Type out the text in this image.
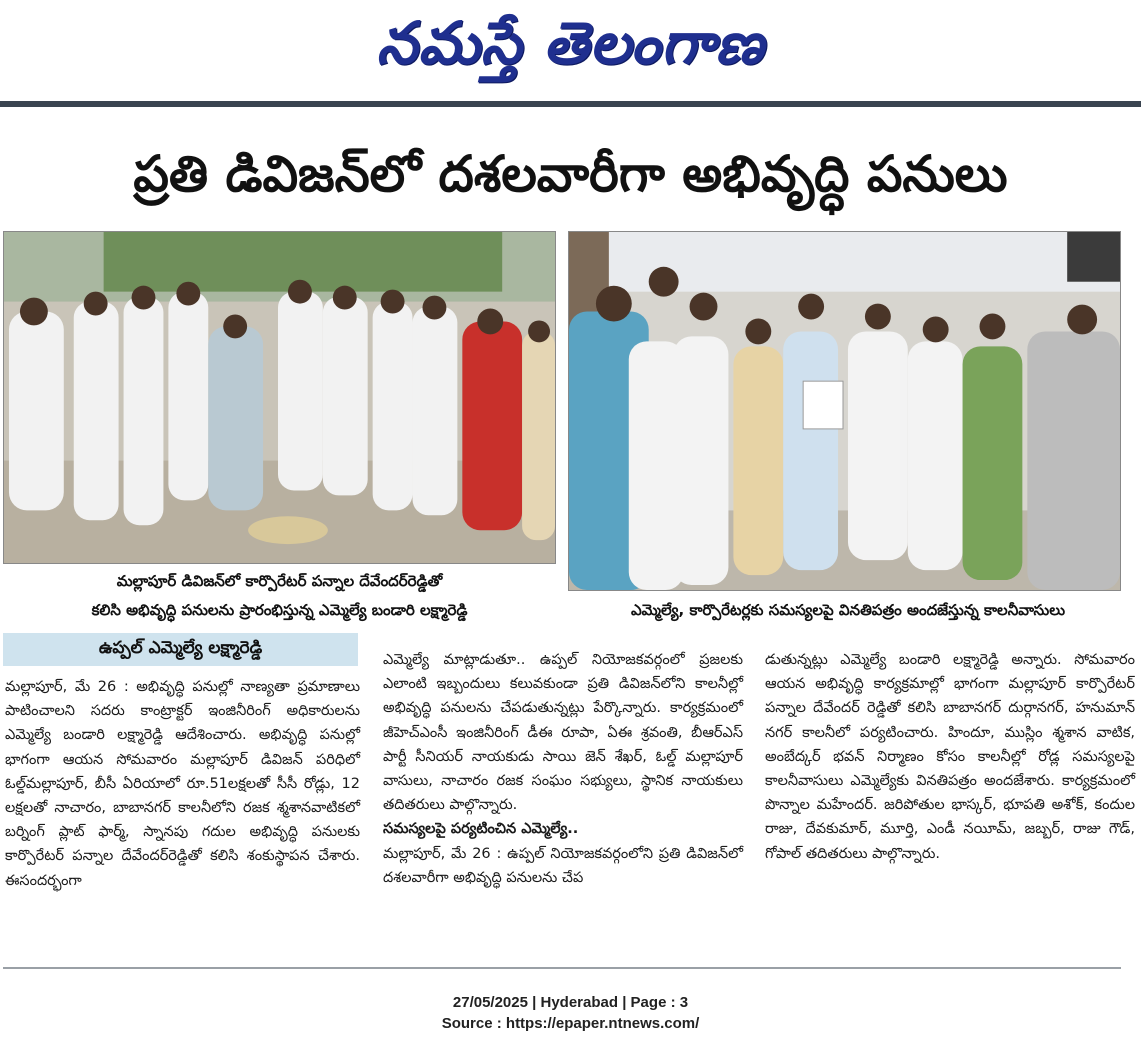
నమస్తే తెలంగాణ
ప్రతి డివిజన్‌లో దశలవారీగా అభివృద్ధి పనులు
మల్లాపూర్ డివిజన్‌లో కార్పొరేటర్ పన్నాల దేవేందర్‌రెడ్డితో
కలిసి అభివృద్ధి పనులను ప్రారంభిస్తున్న ఎమ్మెల్యే బండారి లక్ష్మారెడ్డి	ఎమ్మెల్యే, కార్పొరేటర్లకు సమస్యలపై వినతిపత్రం అందజేస్తున్న కాలనీవాసులు
ఉప్పల్ ఎమ్మెల్యే లక్ష్మారెడ్డి
మల్లాపూర్, మే 26 : అభివృద్ధి పనుల్లో నాణ్యతా ప్రమాణాలు పాటించాలని సదరు కాంట్రాక్టర్ ఇంజినీరింగ్ అధికారులను ఎమ్మెల్యే బండారి లక్ష్మారెడ్డి ఆదేశించారు. అభివృద్ధి పనుల్లో భాగంగా ఆయన సోమవారం మల్లాపూర్ డివిజన్ పరిధిలో ఓల్డ్‌మల్లాపూర్, బీసీ ఏరియాలో రూ.51లక్షలతో సీసీ రోడ్లు, 12 లక్షలతో నాచారం, బాబానగర్ కాలనీలోని రజక శ్మశానవాటికలో బర్నింగ్ ప్లాట్ ఫార్మ్, స్నానపు గదుల అభివృద్ధి పనులకు కార్పొరేటర్ పన్నాల దేవేందర్‌రెడ్డితో కలిసి శంకుస్థాపన చేశారు. ఈసందర్భంగా
ఎమ్మెల్యే మాట్లాడుతూ.. ఉప్పల్ నియోజకవర్గంలో ప్రజలకు ఎలాంటి ఇబ్బందులు కలువకుండా ప్రతి డివిజన్‌లోని కాలనీల్లో అభివృద్ధి పనులను చేపడుతున్నట్లు పేర్కొన్నారు. కార్యక్రమంలో జీహెచ్‌ఎంసీ ఇంజినీరింగ్ డీఈ రూపా, ఏఈ శ్రవంతి, బీఆర్‌ఎస్ పార్టీ సీనియర్ నాయకుడు సాయి జెన్ శేఖర్, ఓల్డ్ మల్లాపూర్ వాసులు, నాచారం రజక సంఘం సభ్యులు, స్థానిక నాయకులు తదితరులు పాల్గొన్నారు.
సమస్యలపై పర్యటించిన ఎమ్మెల్యే..
మల్లాపూర్, మే 26 : ఉప్పల్ నియోజకవర్గంలోని ప్రతి డివిజన్‌లో దశలవారీగా అభివృద్ధి పనులను చేప
డుతున్నట్లు ఎమ్మెల్యే బండారి లక్ష్మారెడ్డి అన్నారు. సోమవారం ఆయన అభివృద్ధి కార్యక్రమాల్లో భాగంగా మల్లాపూర్ కార్పొరేటర్ పన్నాల దేవేందర్ రెడ్డితో కలిసి బాబానగర్ దుర్గానగర్, హనుమాన్ నగర్ కాలనీలో పర్యటించారు. హిందూ, ముస్లిం శ్మశాన వాటిక, అంబేద్కర్ భవన్ నిర్మాణం కోసం కాలనీల్లో రోడ్ల సమస్యలపై కాలనీవాసులు ఎమ్మెల్యేకు వినతిపత్రం అందజేశారు. కార్యక్రమంలో పొన్నాల మహేందర్. జరిపోతుల భాస్కర్, భూపతి అశోక్, కందుల రాజు, దేవకుమార్, మూర్తి, ఎండీ నయీమ్, జబ్బర్, రాజు గౌడ్, గోపాల్ తదితరులు పాల్గొన్నారు.
27/05/2025 | Hyderabad | Page : 3
Source : https://epaper.ntnews.com/
